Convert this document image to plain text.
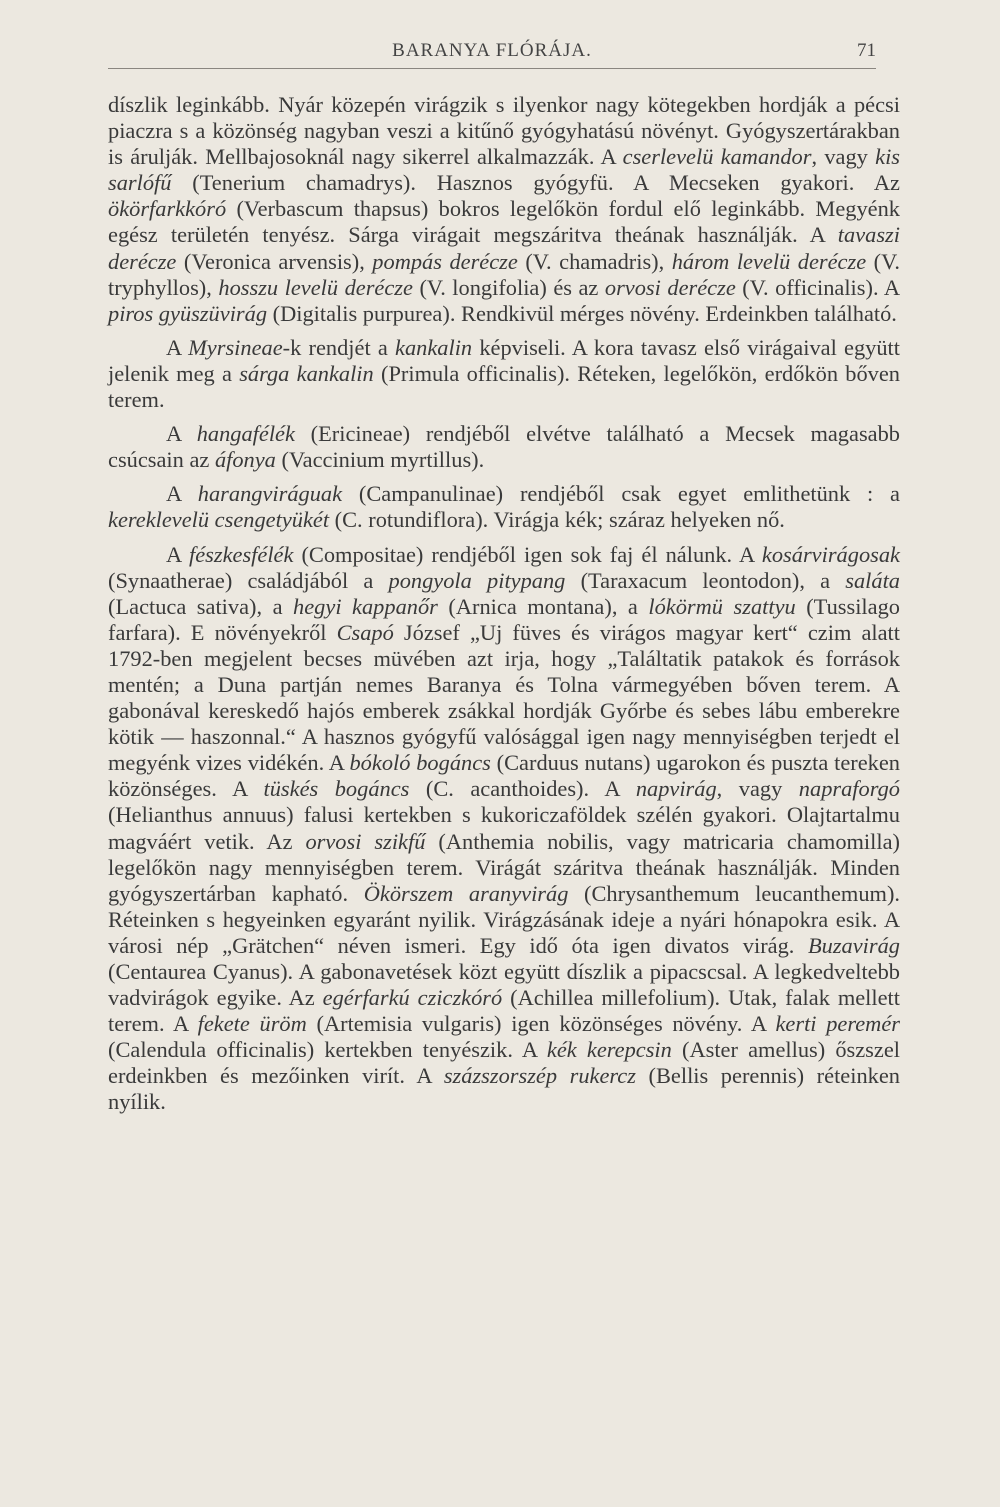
BARANYA FLÓRÁJA.	71

díszlik leginkább. Nyár közepén virágzik s ilyenkor nagy kötegekben hordják a pécsi piaczra s a közönség nagyban veszi a kitűnő gyógyhatású növényt. Gyógyszertárakban is árulják. Mellbajosoknál nagy sikerrel alkalmazzák. A cserlevelü kamandor, vagy kis sarlófű (Tenerium chamadrys). Hasznos gyógyfü. A Mecseken gyakori. Az ökörfarkkóró (Verbascum thapsus) bokros legelőkön fordul elő leginkább. Megyénk egész területén tenyész. Sárga virágait megszáritva theának használják. A tavaszi derécze (Veronica arvensis), pompás derécze (V. chamadris), három levelü derécze (V. tryphyllos), hosszu levelü derécze (V. longifolia) és az orvosi derécze (V. officinalis). A piros gyüszüvirág (Digitalis purpurea). Rendkivül mérges növény. Erdeinkben található.

A Myrsineae-k rendjét a kankalin képviseli. A kora tavasz első virágaival együtt jelenik meg a sárga kankalin (Primula officinalis). Réteken, legelőkön, erdőkön bőven terem.

A hangafélék (Ericineae) rendjéből elvétve található a Mecsek magasabb csúcsain az áfonya (Vaccinium myrtillus).

A harangviráguak (Campanulinae) rendjéből csak egyet emlithetünk : a kereklevelü csengetyükét (C. rotundiflora). Virágja kék; száraz helyeken nő.

A fészkesfélék (Compositae) rendjéből igen sok faj él nálunk. A kosárvirágosak (Synaatherae) családjából a pongyola pitypang (Taraxacum leontodon), a saláta (Lactuca sativa), a hegyi kappanőr (Arnica montana), a lókörmü szattyu (Tussilago farfara). E növényekről Csapó József „Uj füves és virágos magyar kert“ czim alatt 1792-ben megjelent becses müvében azt irja, hogy „Találtatik patakok és források mentén; a Duna partján nemes Baranya és Tolna vármegyében bőven terem. A gabonával kereskedő hajós emberek zsákkal hordják Győrbe és sebes lábu emberekre kötik — haszonnal.“ A hasznos gyógyfű valósággal igen nagy mennyiségben terjedt el megyénk vizes vidékén. A bókoló bogáncs (Carduus nutans) ugarokon és puszta tereken közönséges. A tüskés bogáncs (C. acanthoides). A napvirág, vagy napraforgó (Helianthus annuus) falusi kertekben s kukoriczaföldek szélén gyakori. Olajtartalmu magváért vetik. Az orvosi szikfű (Anthemia nobilis, vagy matricaria chamomilla) legelőkön nagy mennyiségben terem. Virágát száritva theának használják. Minden gyógyszertárban kapható. Ökörszem aranyvirág (Chrysanthemum leucanthemum). Réteinken s hegyeinken egyaránt nyilik. Virágzásának ideje a nyári hónapokra esik. A városi nép „Grätchen“ néven ismeri. Egy idő óta igen divatos virág. Buzavirág (Centaurea Cyanus). A gabonavetések közt együtt díszlik a pipacscsal. A legkedveltebb vadvirágok egyike. Az egérfarkú cziczkóró (Achillea millefolium). Utak, falak mellett terem. A fekete üröm (Artemisia vulgaris) igen közönséges növény. A kerti peremér (Calendula officinalis) kertekben tenyészik. A kék kerepcsin (Aster amellus) őszszel erdeinkben és mezőinken virít. A százszorszép rukercz (Bellis perennis) réteinken nyílik.
